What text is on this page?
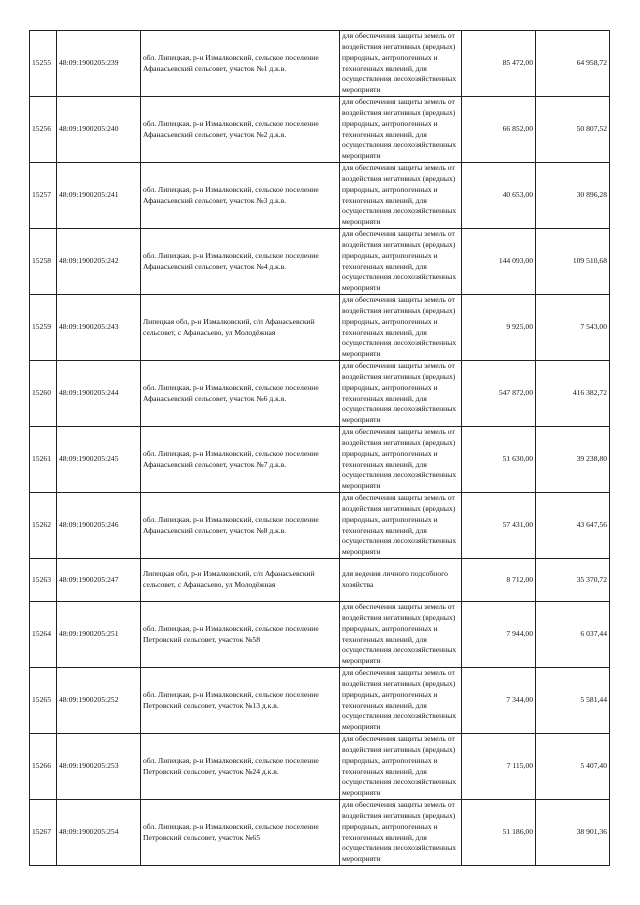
15255	48:09:1900205:239	обл. Липецкая, р-н Измалковский, сельское поселение Афанасьевский сельсовет, участок №1 д.к.в.	для обеспечения защиты земель от воздействия негативных (вредных) природных, антропогенных и техногенных явлений, для осуществления лесохозяйственных мероприяти	85 472,00	64 958,72
15256	48:09:1900205:240	обл. Липецкая, р-н Измалковский, сельское поселение Афанасьевский сельсовет, участок №2 д.к.в.	для обеспечения защиты земель от воздействия негативных (вредных) природных, антропогенных и техногенных явлений, для осуществления лесохозяйственных мероприяти	66 852,00	50 807,52
15257	48:09:1900205:241	обл. Липецкая, р-н Измалковский, сельское поселение Афанасьевский сельсовет, участок №3 д.к.в.	для обеспечения защиты земель от воздействия негативных (вредных) природных, антропогенных и техногенных явлений, для осуществления лесохозяйственных мероприяти	40 653,00	30 896,28
15258	48:09:1900205:242	обл. Липецкая, р-н Измалковский, сельское поселение Афанасьевский сельсовет, участок №4 д.к.в.	для обеспечения защиты земель от воздействия негативных (вредных) природных, антропогенных и техногенных явлений, для осуществления лесохозяйственных мероприяти	144 093,00	109 510,68
15259	48:09:1900205:243	Липецкая обл, р-н Измалковский, с/п Афанасьевский сельсовет, с Афанасьево, ул Молодёжная	для обеспечения защиты земель от воздействия негативных (вредных) природных, антропогенных и техногенных явлений, для осуществления лесохозяйственных мероприяти	9 925,00	7 543,00
15260	48:09:1900205:244	обл. Липецкая, р-н Измалковский, сельское поселение Афанасьевский сельсовет, участок №6 д.к.в.	для обеспечения защиты земель от воздействия негативных (вредных) природных, антропогенных и техногенных явлений, для осуществления лесохозяйственных мероприяти	547 872,00	416 382,72
15261	48:09:1900205:245	обл. Липецкая, р-н Измалковский, сельское поселение Афанасьевский сельсовет, участок №7 д.к.в.	для обеспечения защиты земель от воздействия негативных (вредных) природных, антропогенных и техногенных явлений, для осуществления лесохозяйственных мероприяти	51 630,00	39 238,80
15262	48:09:1900205:246	обл. Липецкая, р-н Измалковский, сельское поселение Афанасьевский сельсовет, участок №8 д.к.в.	для обеспечения защиты земель от воздействия негативных (вредных) природных, антропогенных и техногенных явлений, для осуществления лесохозяйственных мероприяти	57 431,00	43 647,56
15263	48:09:1900205:247	Липецкая обл, р-н Измалковский, с/п Афанасьевский сельсовет, с Афанасьево, ул Молодёжная	для ведения личного подсобного хозяйства	8 712,00	35 370,72
15264	48:09:1900205:251	обл. Липецкая, р-н Измалковский, сельское поселение Петровский сельсовет, участок №58	для обеспечения защиты земель от воздействия негативных (вредных) природных, антропогенных и техногенных явлений, для осуществления лесохозяйственных мероприяти	7 944,00	6 037,44
15265	48:09:1900205:252	обл. Липецкая, р-н Измалковский, сельское поселение Петровский сельсовет, участок №13 д.к.в.	для обеспечения защиты земель от воздействия негативных (вредных) природных, антропогенных и техногенных явлений, для осуществления лесохозяйственных мероприяти	7 344,00	5 581,44
15266	48:09:1900205:253	обл. Липецкая, р-н Измалковский, сельское поселение Петровский сельсовет, участок №24 д.к.в.	для обеспечения защиты земель от воздействия негативных (вредных) природных, антропогенных и техногенных явлений, для осуществления лесохозяйственных мероприяти	7 115,00	5 407,40
15267	48:09:1900205:254	обл. Липецкая, р-н Измалковский, сельское поселение Петровский сельсовет, участок №65	для обеспечения защиты земель от воздействия негативных (вредных) природных, антропогенных и техногенных явлений, для осуществления лесохозяйственных мероприяти	51 186,00	38 901,36
